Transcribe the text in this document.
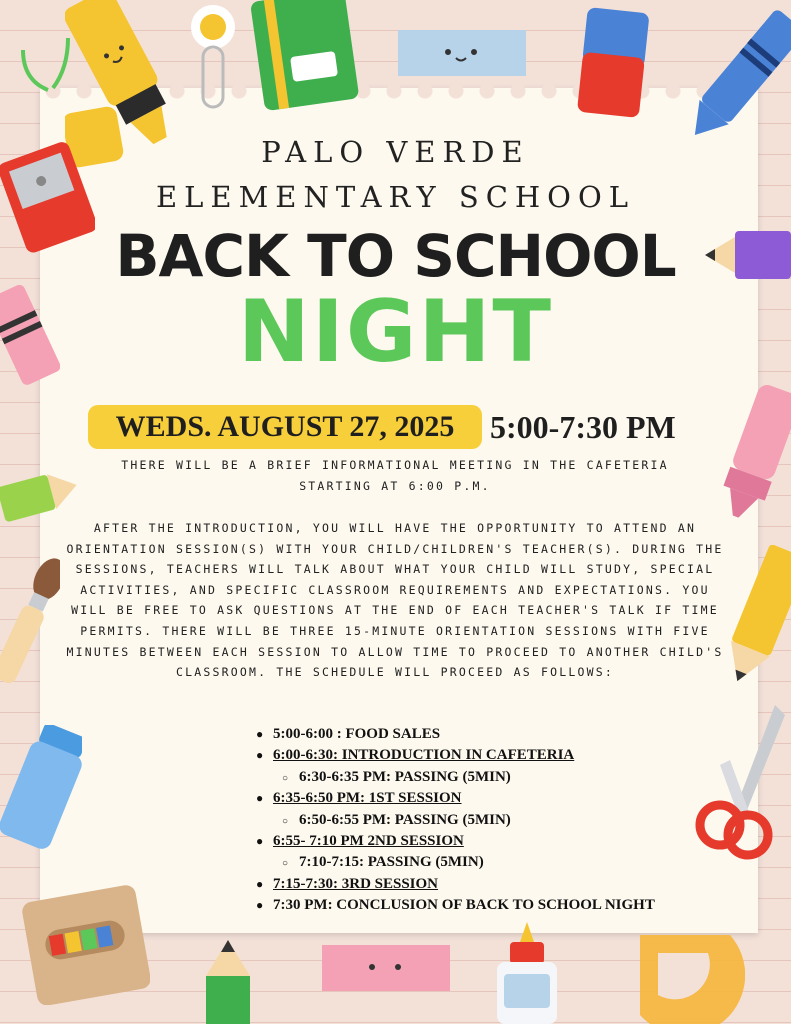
PALO VERDE
ELEMENTARY SCHOOL
BACK TO SCHOOL
NIGHT
WEDS. AUGUST 27, 2025	5:00-7:30 PM
THERE WILL BE A BRIEF INFORMATIONAL MEETING IN THE CAFETERIA STARTING AT 6:00 P.M.
AFTER THE INTRODUCTION, YOU WILL HAVE THE OPPORTUNITY TO ATTEND AN ORIENTATION SESSION(S) WITH YOUR CHILD/CHILDREN'S TEACHER(S). DURING THE SESSIONS, TEACHERS WILL TALK ABOUT WHAT YOUR CHILD WILL STUDY, SPECIAL ACTIVITIES, AND SPECIFIC CLASSROOM REQUIREMENTS AND EXPECTATIONS. YOU WILL BE FREE TO ASK QUESTIONS AT THE END OF EACH TEACHER'S TALK IF TIME PERMITS. THERE WILL BE THREE 15-MINUTE ORIENTATION SESSIONS WITH FIVE MINUTES BETWEEN EACH SESSION TO ALLOW TIME TO PROCEED TO ANOTHER CHILD'S CLASSROOM. THE SCHEDULE WILL PROCEED AS FOLLOWS:
● 5:00-6:00 : FOOD SALES
● 6:00-6:30: INTRODUCTION IN CAFETERIA
○ 6:30-6:35 PM: PASSING (5MIN)
● 6:35-6:50 PM: 1ST SESSION
○ 6:50-6:55 PM: PASSING (5MIN)
● 6:55- 7:10 PM 2ND SESSION
○ 7:10-7:15: PASSING (5MIN)
● 7:15-7:30: 3RD SESSION
● 7:30 PM: CONCLUSION OF BACK TO SCHOOL NIGHT
